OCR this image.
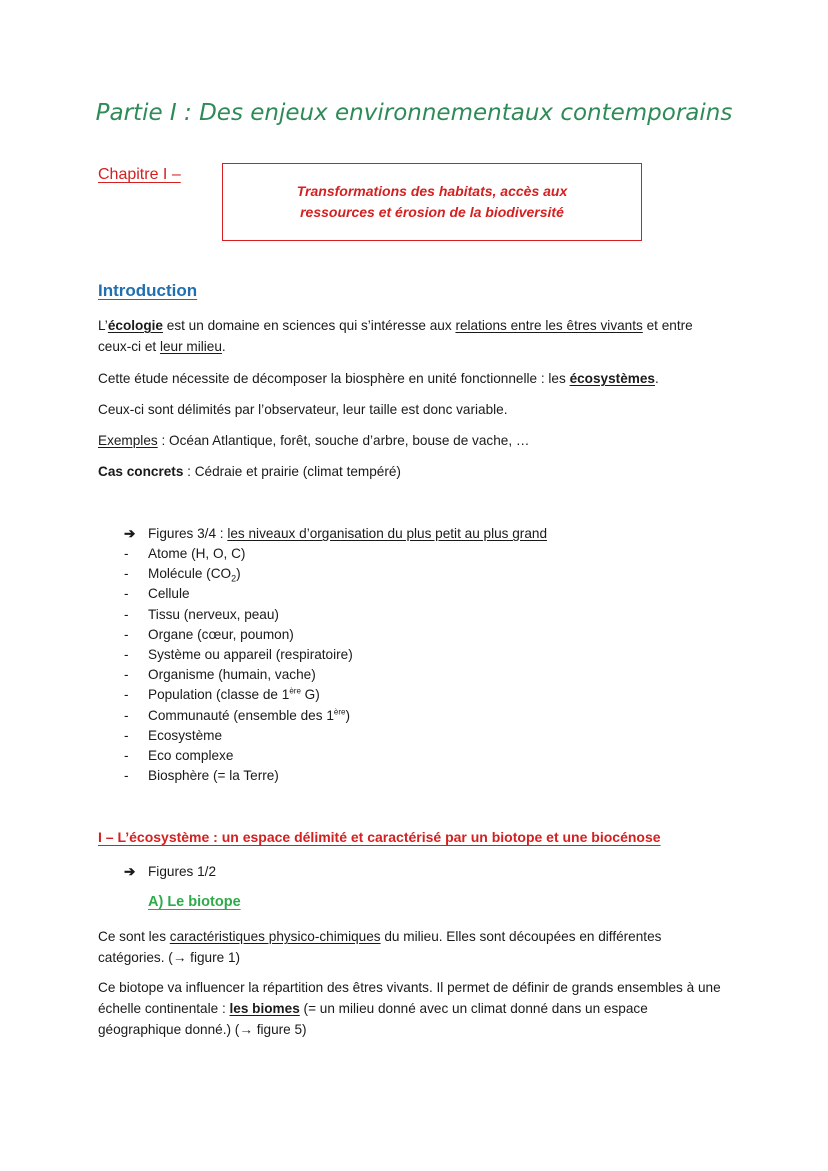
Partie I : Des enjeux environnementaux contemporains
Chapitre I –
Transformations des habitats, accès aux
ressources et érosion de la biodiversité
Introduction

L’écologie est un domaine en sciences qui s’intéresse aux relations entre les êtres vivants et entre ceux-ci et leur milieu.

Cette étude nécessite de décomposer la biosphère en unité fonctionnelle : les écosystèmes.

Ceux-ci sont délimités par l’observateur, leur taille est donc variable.

Exemples : Océan Atlantique, forêt, souche d’arbre, bouse de vache, …

Cas concrets : Cédraie et prairie (climat tempéré)

➔ Figures 3/4 : les niveaux d’organisation du plus petit au plus grand
- Atome (H, O, C)
- Molécule $(CO_2)$
- Cellule
- Tissu (nerveux, peau)
- Organe (cœur, poumon)
- Système ou appareil (respiratoire)
- Organisme (humain, vache)
- Population (classe de 1ère G)
- Communauté (ensemble des 1ère)
- Ecosystème
- Eco complexe
- Biosphère (= la Terre)
I – L’écosystème : un espace délimité et caractérisé par un biotope et une biocénose
➔ Figures 1/2
A) Le biotope

Ce sont les caractéristiques physico-chimiques du milieu. Elles sont découpées en différentes catégories. (→ figure 1)

Ce biotope va influencer la répartition des êtres vivants. Il permet de définir de grands ensembles à une échelle continentale : les biomes (= un milieu donné avec un climat donné dans un espace géographique donné.) (→ figure 5)
